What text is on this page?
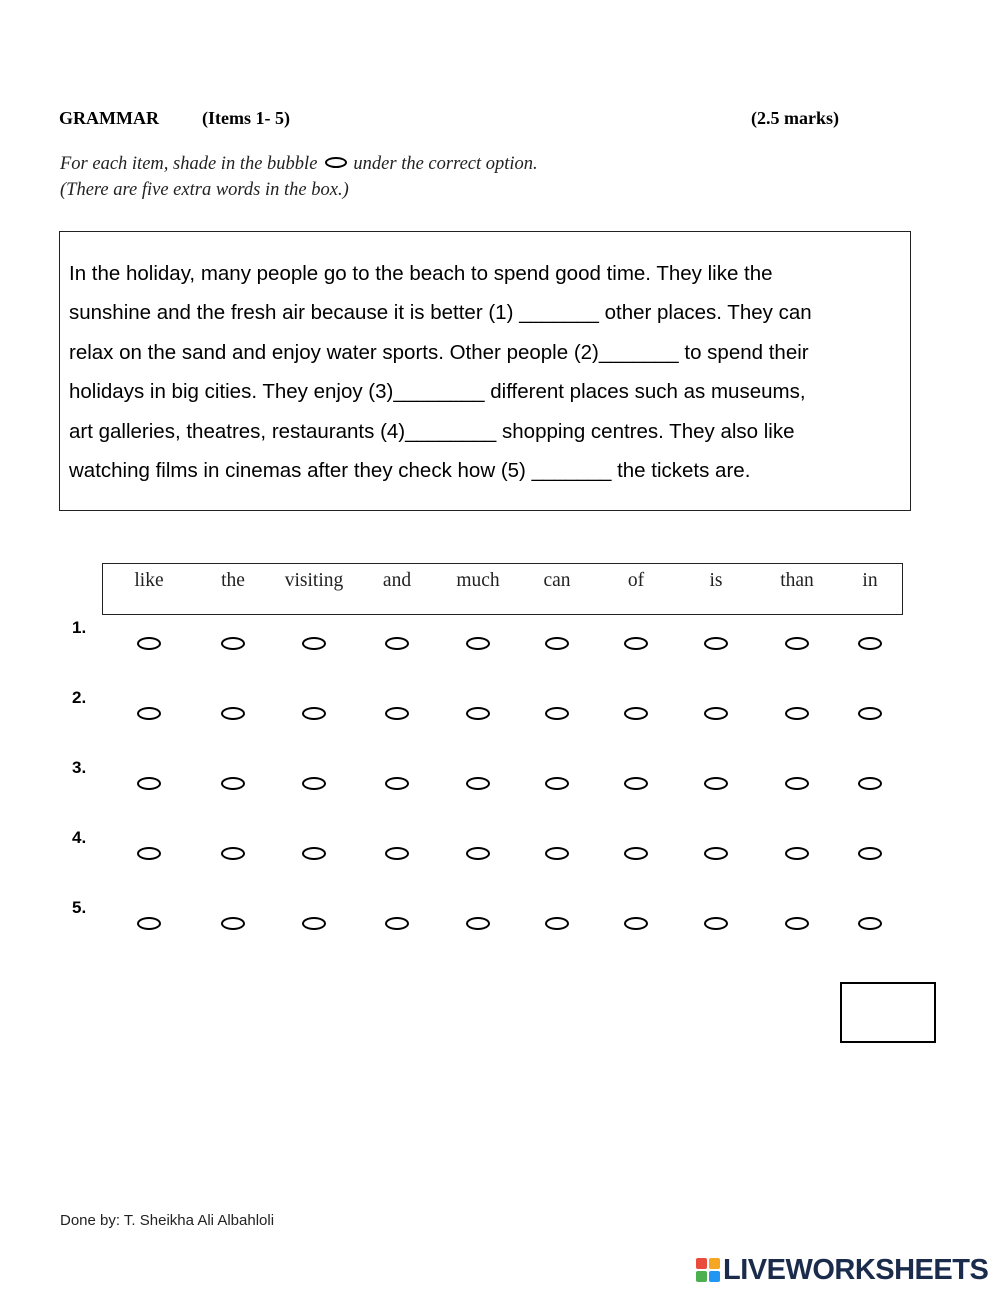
GRAMMAR (Items 1- 5)	(2.5 marks)
For each item, shade in the bubble under the correct option.
(There are five extra words in the box.)

In the holiday, many people go to the beach to spend good time. They like the

sunshine and the fresh air because it is better (1) _______ other places. They can

relax on the sand and enjoy water sports. Other people (2)_______ to spend their

holidays in big cities. They enjoy (3)________ different places such as museums,

art galleries, theatres, restaurants (4)________ shopping centres. They also like

watching films in cinemas after they check how (5) _______ the tickets are.

like	the visiting and much can	of	is	than in
1.
2.
3.
4.
5.
Done by: T. Sheikha Ali Albahloli
LIVEWORKSHEETS
